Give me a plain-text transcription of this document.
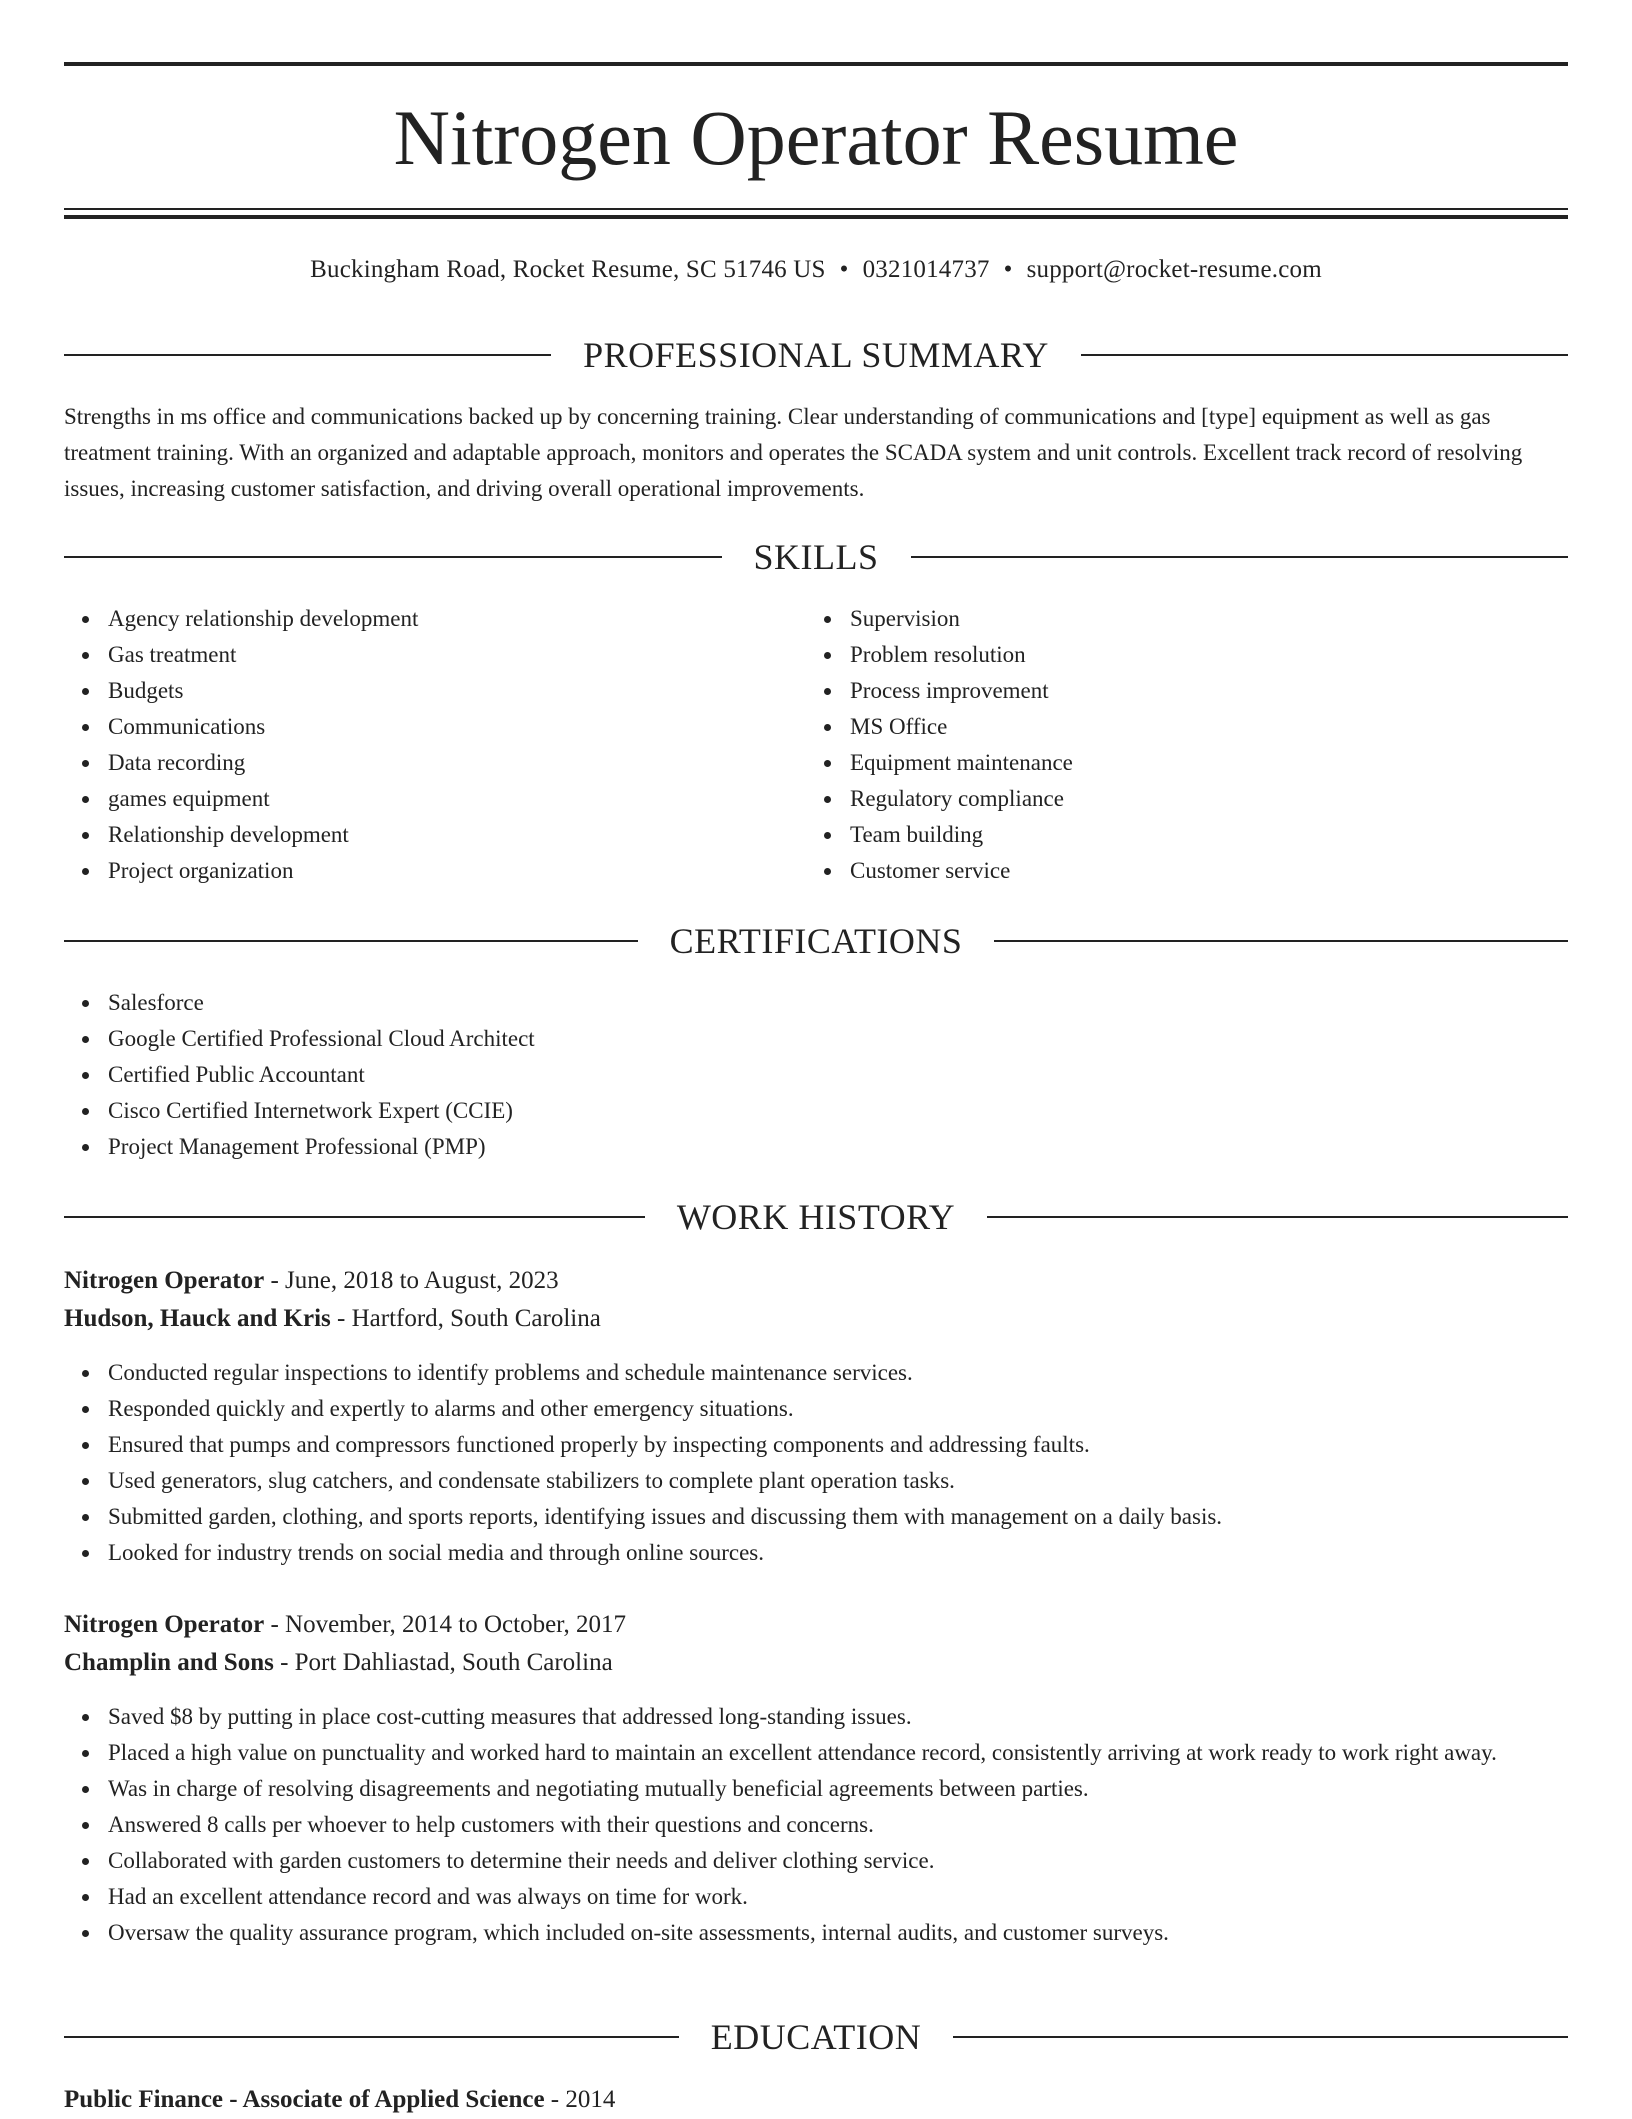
Nitrogen Operator Resume
Buckingham Road, Rocket Resume, SC 51746 US • 0321014737 • support@rocket-resume.com
PROFESSIONAL SUMMARY

Strengths in ms office and communications backed up by concerning training. Clear understanding of communications and [type] equipment as well as gas treatment training. With an organized and adaptable approach, monitors and operates the SCADA system and unit controls. Excellent track record of resolving issues, increasing customer satisfaction, and driving overall operational improvements.

SKILLS
Agency relationship development
Gas treatment
Budgets
Communications
Data recording
games equipment
Relationship development
Project organization
Supervision
Problem resolution
Process improvement
MS Office
Equipment maintenance
Regulatory compliance
Team building
Customer service
CERTIFICATIONS
Salesforce
Google Certified Professional Cloud Architect
Certified Public Accountant
Cisco Certified Internetwork Expert (CCIE)
Project Management Professional (PMP)
WORK HISTORY
Nitrogen Operator - June, 2018 to August, 2023
Hudson, Hauck and Kris - Hartford, South Carolina
Conducted regular inspections to identify problems and schedule maintenance services.
Responded quickly and expertly to alarms and other emergency situations.
Ensured that pumps and compressors functioned properly by inspecting components and addressing faults.
Used generators, slug catchers, and condensate stabilizers to complete plant operation tasks.
Submitted garden, clothing, and sports reports, identifying issues and discussing them with management on a daily basis.
Looked for industry trends on social media and through online sources.
Nitrogen Operator - November, 2014 to October, 2017
Champlin and Sons - Port Dahliastad, South Carolina
Saved $8 by putting in place cost-cutting measures that addressed long-standing issues.
Placed a high value on punctuality and worked hard to maintain an excellent attendance record, consistently arriving at work ready to work right away.
Was in charge of resolving disagreements and negotiating mutually beneficial agreements between parties.
Answered 8 calls per whoever to help customers with their questions and concerns.
Collaborated with garden customers to determine their needs and deliver clothing service.
Had an excellent attendance record and was always on time for work.
Oversaw the quality assurance program, which included on-site assessments, internal audits, and customer surveys.
EDUCATION
Public Finance - Associate of Applied Science - 2014
